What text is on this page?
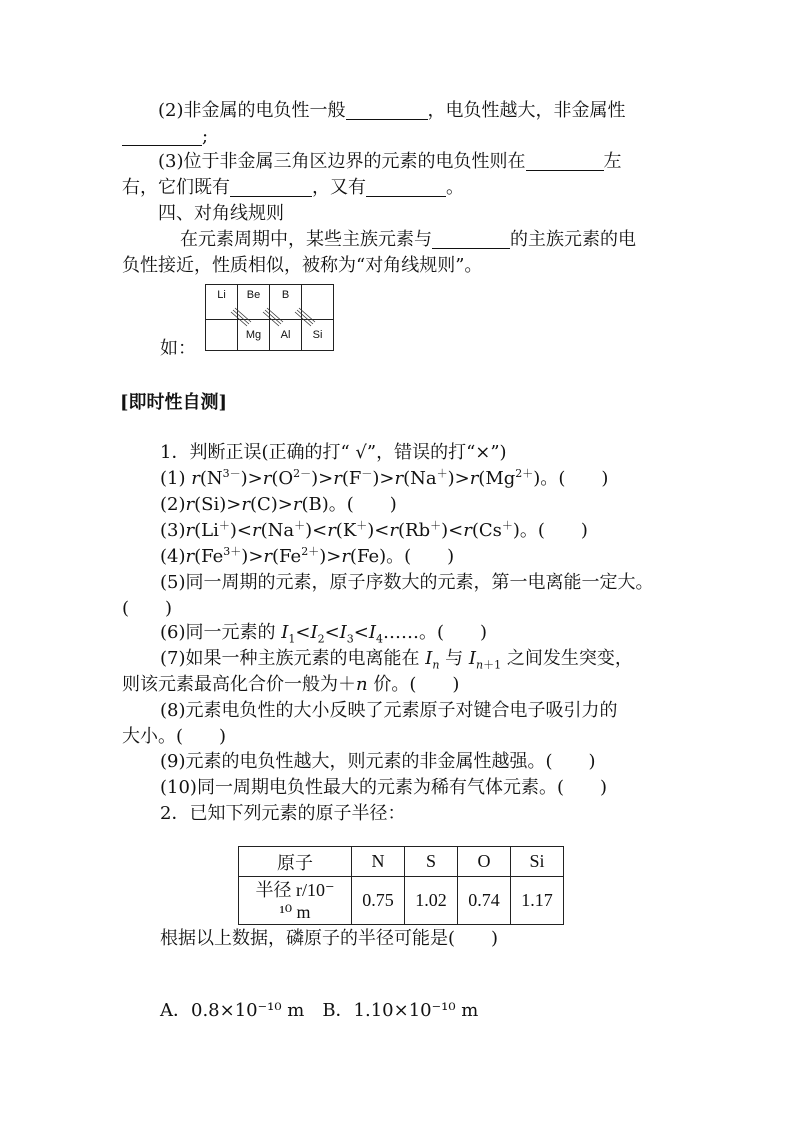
(2)非金属的电负性一般	，电负性越大，非金属性
;
(3)位于非金属三角区边界的元素的电负性则在	左
右，它们既有	，又有	。
四、对角线规则
在元素周期中，某些主族元素与	的主族元素的电
负性接近，性质相似，被称为“对角线规则”。
Li	Be	B	
	Mg	Al	Si
如：
[即时性自测]
1．判断正误(正确的打“ √”，错误的打“×”)
(1) $r(N^{3-})>r(O^{2-})>r(F^-)>r(Na^+)>r(Mg^{2+})$。(　　)
(2)r(Si)>r(C)>r(B)。(　　)
(3)r(Li＋)<r(Na＋)<r(K＋)<r(Rb＋)<r(Cs＋)。(　　)
$(4)r(Fe^{3+})>r(Fe^{2+})>r(Fe)$。(　　)
(5)同一周期的元素，原子序数大的元素，第一电离能一定大。
(　　)
(6)同一元素的 $I_1<I_2<I_3<I_4\dots\dots$。(　　)
(7)如果一种主族元素的电离能在 $I_n$ 与 $I_{n+1}$ 之间发生突变，
则该元素最高化合价一般为＋n 价。(　　)
(8)元素电负性的大小反映了元素原子对键合电子吸引力的
大小。(　　)
(9)元素的电负性越大，则元素的非金属性越强。(　　)
(10)同一周期电负性最大的元素为稀有气体元素。(　　)
2．已知下列元素的原子半径：
原子	N	S	O	Si

半径 r/10⁻
¹⁰ m	0.75	1.02	0.74	1.17
根据以上数据，磷原子的半径可能是(　　)
A．0.8×10⁻¹⁰ m　B．1.10×10⁻¹⁰ m
